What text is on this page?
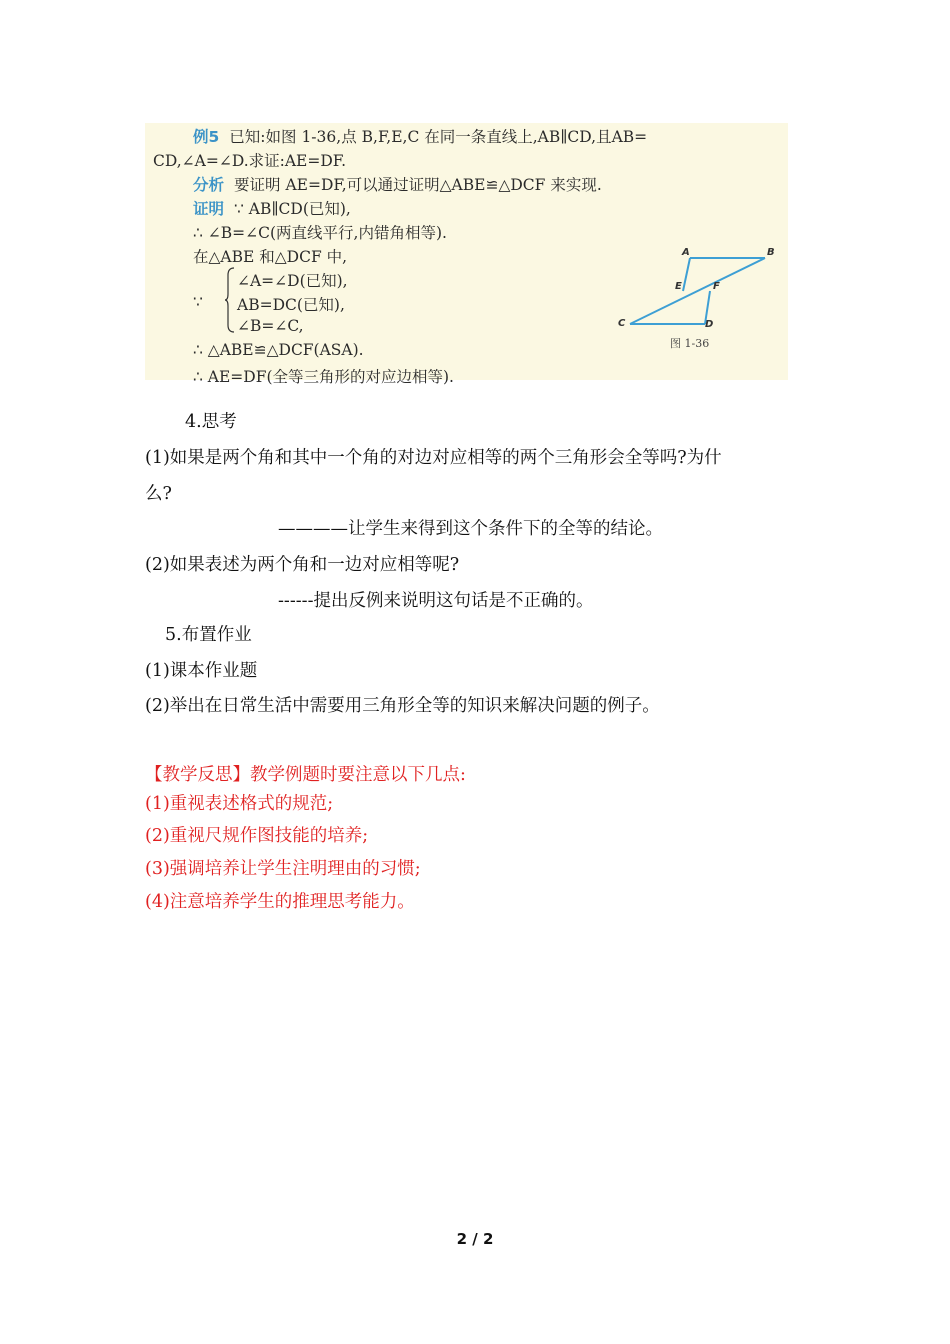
例5 已知:如图 1-36,点 B,F,E,C 在同一条直线上,AB∥CD,且AB=
CD,∠A=∠D.求证:AE=DF.
分析 要证明 AE=DF,可以通过证明△ABE≌△DCF 来实现.
证明 ∵ AB∥CD(已知),
∴ ∠B=∠C(两直线平行,内错角相等).
在△ABE 和△DCF 中,
∵
∠A=∠D(已知),
AB=DC(已知),
∠B=∠C,
∴ △ABE≌△DCF(ASA).
∴ AE=DF(全等三角形的对应边相等).
A	B
E	F
C	D
图 1-36
4.思考
(1)如果是两个角和其中一个角的对边对应相等的两个三角形会全等吗?为什
么?
————让学生来得到这个条件下的全等的结论。
(2)如果表述为两个角和一边对应相等呢?
------提出反例来说明这句话是不正确的。
5.布置作业
(1)课本作业题
(2)举出在日常生活中需要用三角形全等的知识来解决问题的例子。
【教学反思】教学例题时要注意以下几点:
(1)重视表述格式的规范;
(2)重视尺规作图技能的培养;
(3)强调培养让学生注明理由的习惯;
(4)注意培养学生的推理思考能力。
2 / 2
